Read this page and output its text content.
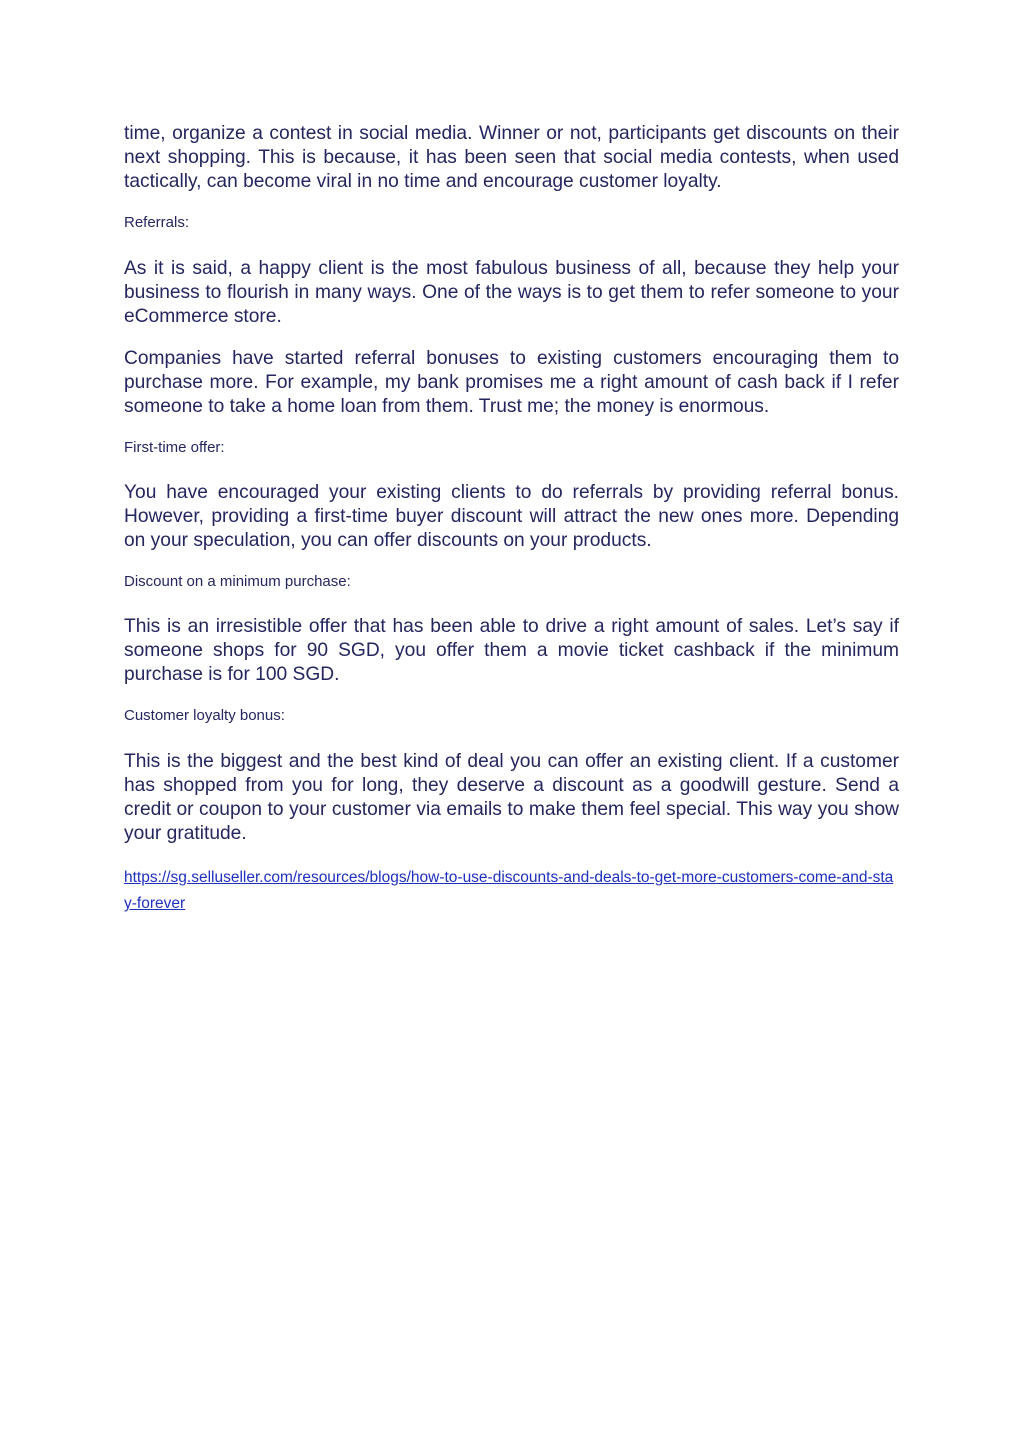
time, organize a contest in social media. Winner or not, participants get discounts on their next shopping. This is because, it has been seen that social media contests, when used tactically, can become viral in no time and encourage customer loyalty.

Referrals:

As it is said, a happy client is the most fabulous business of all, because they help your business to flourish in many ways. One of the ways is to get them to refer someone to your eCommerce store.

Companies have started referral bonuses to existing customers encouraging them to purchase more. For example, my bank promises me a right amount of cash back if I refer someone to take a home loan from them. Trust me; the money is enormous.

First-time offer:

You have encouraged your existing clients to do referrals by providing referral bonus. However, providing a first-time buyer discount will attract the new ones more. Depending on your speculation, you can offer discounts on your products.

Discount on a minimum purchase:

This is an irresistible offer that has been able to drive a right amount of sales. Let’s say if someone shops for 90 SGD, you offer them a movie ticket cashback if the minimum purchase is for 100 SGD.

Customer loyalty bonus:

This is the biggest and the best kind of deal you can offer an existing client. If a customer has shopped from you for long, they deserve a discount as a goodwill gesture. Send a credit or coupon to your customer via emails to make them feel special. This way you show your gratitude.

https://sg.selluseller.com/resources/blogs/how-to-use-discounts-and-deals-to-get-more-customers-come-and-stay-forever
